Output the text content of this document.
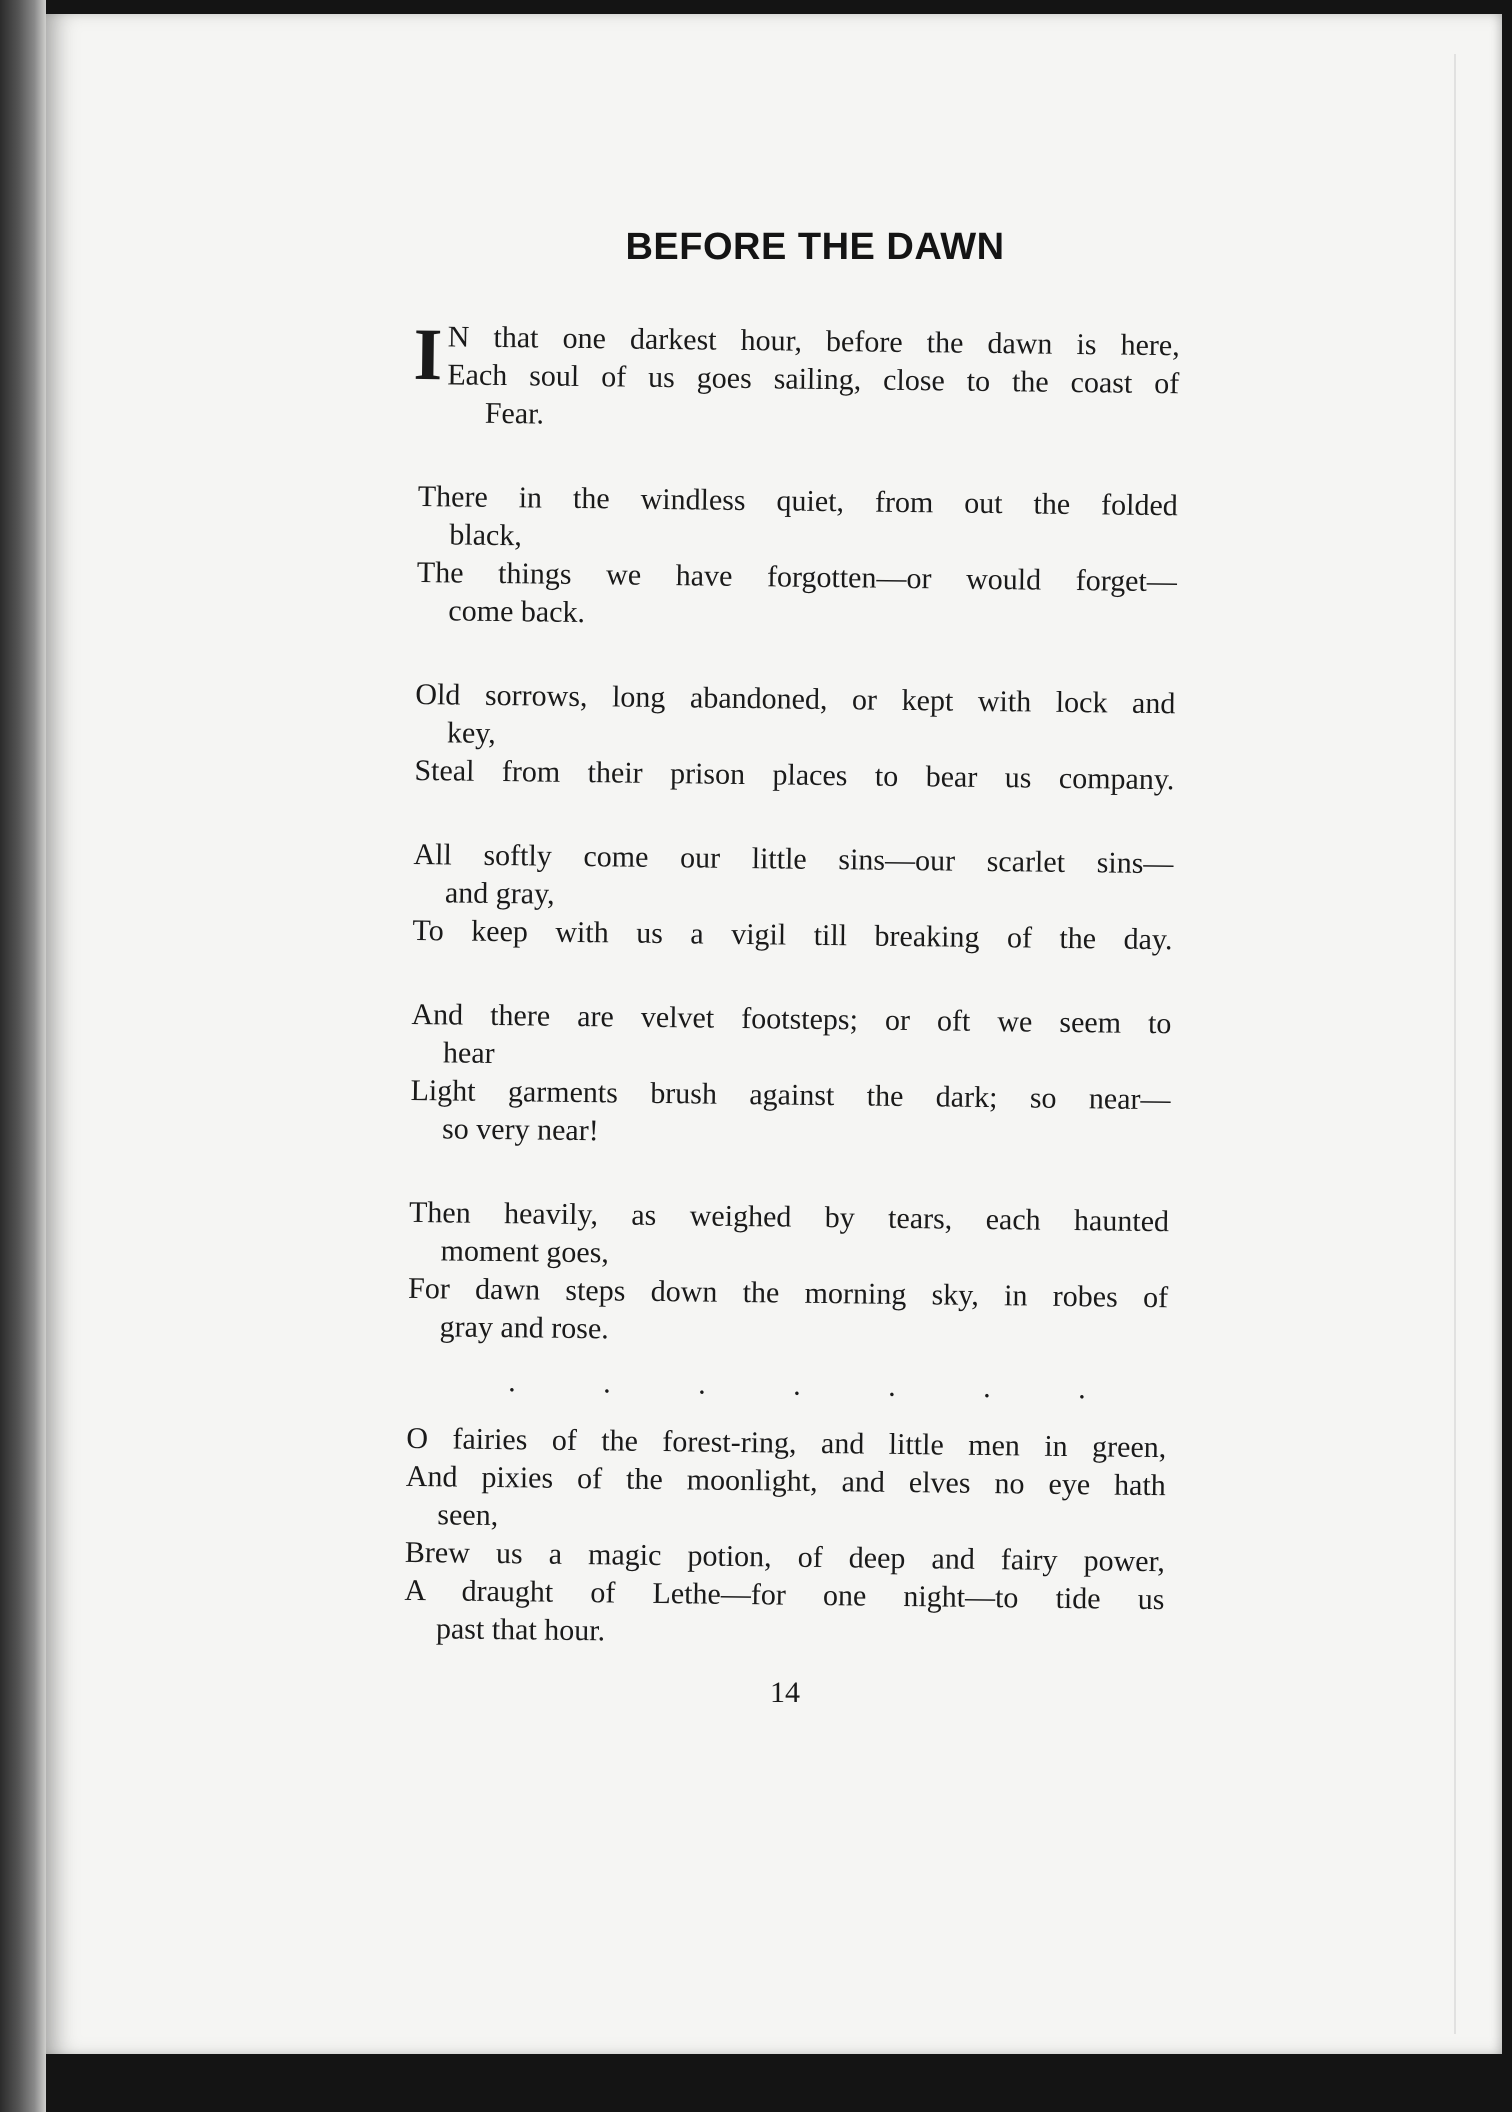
BEFORE THE DAWN
I N that one darkest hour, before the dawn is here,
Each soul of us goes sailing, close to the coast of
Fear.
There in the windless quiet, from out the folded
black,
The things we have forgotten—or would forget—
come back.
Old sorrows, long abandoned, or kept with lock and
key,
Steal from their prison places to bear us company.
All softly come our little sins—our scarlet sins—
and gray,
To keep with us a vigil till breaking of the day.
And there are velvet footsteps; or oft we seem to
hear
Light garments brush against the dark; so near—
so very near!
Then heavily, as weighed by tears, each haunted
moment goes,
For dawn steps down the morning sky, in robes of
gray and rose.
. . . . . . .
O fairies of the forest-ring, and little men in green,
And pixies of the moonlight, and elves no eye hath
seen,
Brew us a magic potion, of deep and fairy power,
A draught of Lethe—for one night—to tide us
past that hour.
14
